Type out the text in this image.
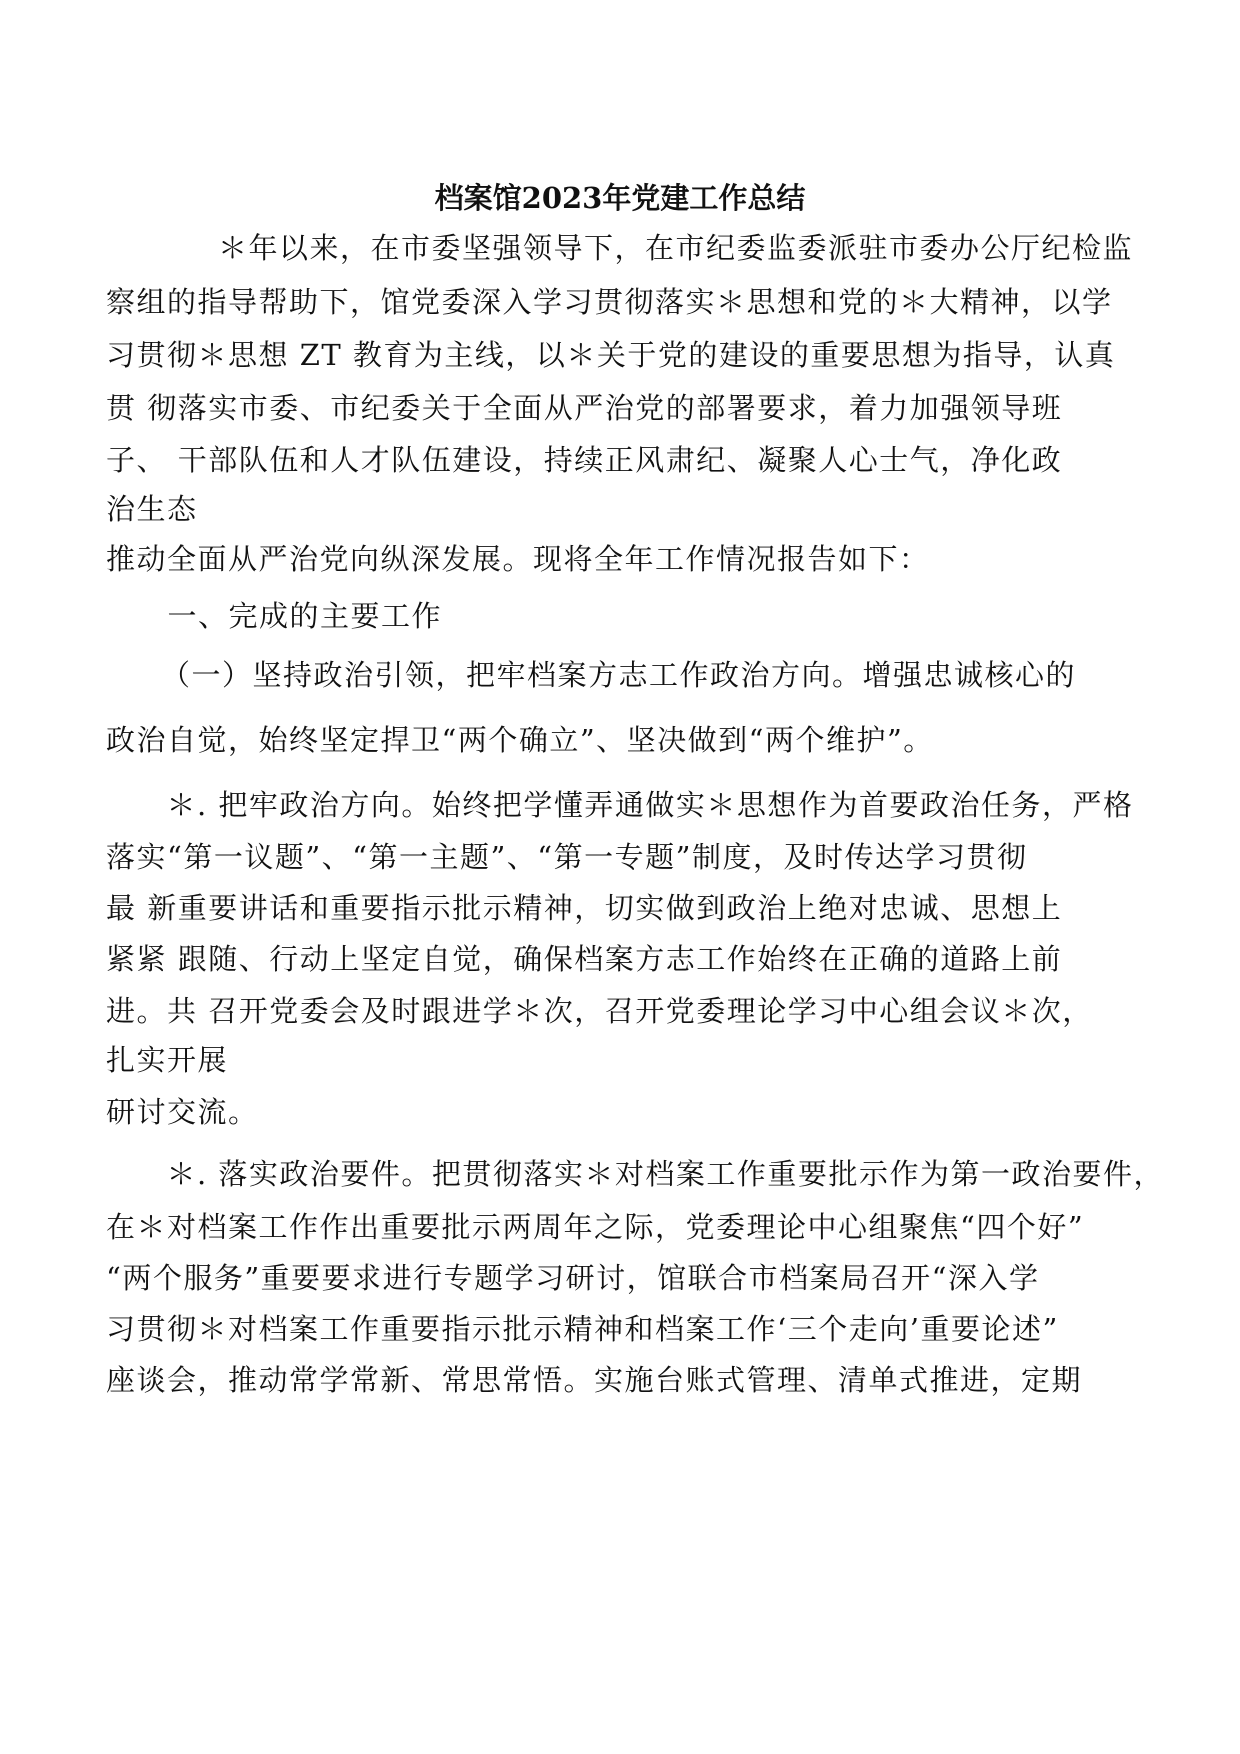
档案馆2023年党建工作总结
　　＊年以来，在市委坚强领导下，在市纪委监委派驻市委办公厅纪检监
察组的指导帮助下，馆党委深入学习贯彻落实＊思想和党的＊大精神，以学
习贯彻＊思想 ZT 教育为主线，以＊关于党的建设的重要思想为指导，认真
贯 彻落实市委、市纪委关于全面从严治党的部署要求，着力加强领导班
子、 干部队伍和人才队伍建设，持续正风肃纪、凝聚人心士气，净化政
治生态
推动全面从严治党向纵深发展。现将全年工作情况报告如下：
　一、完成的主要工作
　（一）坚持政治引领，把牢档案方志工作政治方向。增强忠诚核心的
政治自觉，始终坚定捍卫“两个确立”、坚决做到“两个维护”。
　＊. 把牢政治方向。始终把学懂弄通做实＊思想作为首要政治任务，严格
落实“第一议题”、“第一主题”、“第一专题”制度，及时传达学习贯彻
最 新重要讲话和重要指示批示精神，切实做到政治上绝对忠诚、思想上
紧紧 跟随、行动上坚定自觉，确保档案方志工作始终在正确的道路上前
进。共 召开党委会及时跟进学＊次，召开党委理论学习中心组会议＊次，
扎实开展
研讨交流。
　＊. 落实政治要件。把贯彻落实＊对档案工作重要批示作为第一政治要件，
在＊对档案工作作出重要批示两周年之际，党委理论中心组聚焦“四个好”
“两个服务”重要要求进行专题学习研讨，馆联合市档案局召开“深入学
习贯彻＊对档案工作重要指示批示精神和档案工作‘三个走向’重要论述”
座谈会，推动常学常新、常思常悟。实施台账式管理、清单式推进，定期
